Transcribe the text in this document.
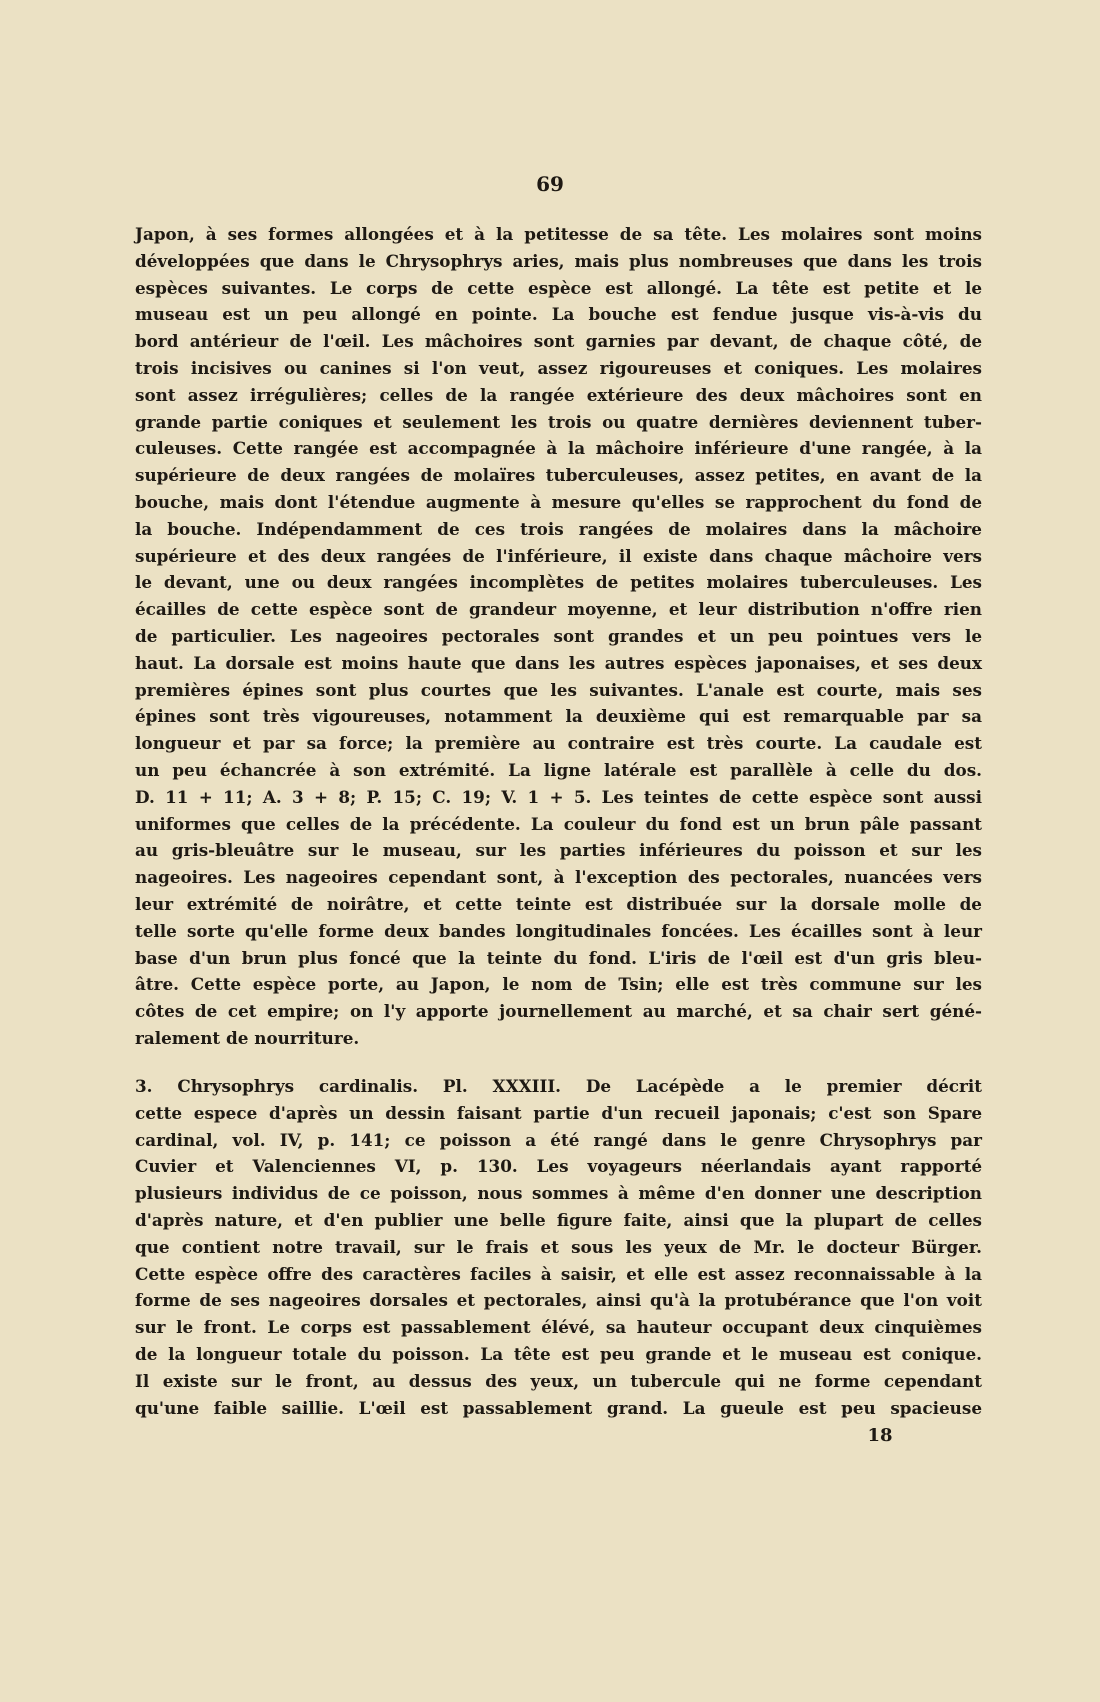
69
Japon, à ses formes allongées et à la petitesse de sa tête. Les molaires sont moins
développées que dans le Chrysophrys aries, mais plus nombreuses que dans les trois
espèces suivantes. Le corps de cette espèce est allongé. La tête est petite et le
museau est un peu allongé en pointe. La bouche est fendue jusque vis-à-vis du
bord antérieur de l'œil. Les mâchoires sont garnies par devant, de chaque côté, de
trois incisives ou canines si l'on veut, assez rigoureuses et coniques. Les molaires
sont assez irrégulières; celles de la rangée extérieure des deux mâchoires sont en
grande partie coniques et seulement les trois ou quatre dernières deviennent tuber-
culeuses. Cette rangée est accompagnée à la mâchoire inférieure d'une rangée, à la
supérieure de deux rangées de molaïres tuberculeuses, assez petites, en avant de la
bouche, mais dont l'étendue augmente à mesure qu'elles se rapprochent du fond de
la bouche. Indépendamment de ces trois rangées de molaires dans la mâchoire
supérieure et des deux rangées de l'inférieure, il existe dans chaque mâchoire vers
le devant, une ou deux rangées incomplètes de petites molaires tuberculeuses. Les
écailles de cette espèce sont de grandeur moyenne, et leur distribution n'offre rien
de particulier. Les nageoires pectorales sont grandes et un peu pointues vers le
haut. La dorsale est moins haute que dans les autres espèces japonaises, et ses deux
premières épines sont plus courtes que les suivantes. L'anale est courte, mais ses
épines sont très vigoureuses, notamment la deuxième qui est remarquable par sa
longueur et par sa force; la première au contraire est très courte. La caudale est
un peu échancrée à son extrémité. La ligne latérale est parallèle à celle du dos.
D. 11 + 11; A. 3 + 8; P. 15; C. 19; V. 1 + 5. Les teintes de cette espèce sont aussi
uniformes que celles de la précédente. La couleur du fond est un brun pâle passant
au gris-bleuâtre sur le museau, sur les parties inférieures du poisson et sur les
nageoires. Les nageoires cependant sont, à l'exception des pectorales, nuancées vers
leur extrémité de noirâtre, et cette teinte est distribuée sur la dorsale molle de
telle sorte qu'elle forme deux bandes longitudinales foncées. Les écailles sont à leur
base d'un brun plus foncé que la teinte du fond. L'iris de l'œil est d'un gris bleu-
âtre. Cette espèce porte, au Japon, le nom de Tsin; elle est très commune sur les
côtes de cet empire; on l'y apporte journellement au marché, et sa chair sert géné-
ralement de nourriture.
3. Chrysophrys cardinalis. Pl. XXXIII. De Lacépède a le premier décrit
cette espece d'après un dessin faisant partie d'un recueil japonais; c'est son Spare
cardinal, vol. IV, p. 141; ce poisson a été rangé dans le genre Chrysophrys par
Cuvier et Valenciennes VI, p. 130. Les voyageurs néerlandais ayant rapporté
plusieurs individus de ce poisson, nous sommes à même d'en donner une description
d'après nature, et d'en publier une belle figure faite, ainsi que la plupart de celles
que contient notre travail, sur le frais et sous les yeux de Mr. le docteur Bürger.
Cette espèce offre des caractères faciles à saisir, et elle est assez reconnaissable à la
forme de ses nageoires dorsales et pectorales, ainsi qu'à la protubérance que l'on voit
sur le front. Le corps est passablement élévé, sa hauteur occupant deux cinquièmes
de la longueur totale du poisson. La tête est peu grande et le museau est conique.
Il existe sur le front, au dessus des yeux, un tubercule qui ne forme cependant
qu'une faible saillie. L'œil est passablement grand. La gueule est peu spacieuse
18
